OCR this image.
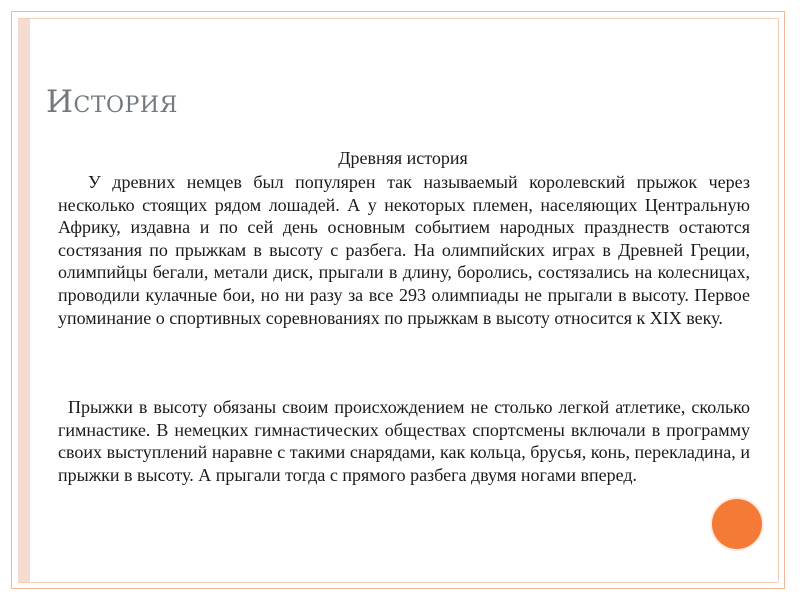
История
Древняя история

У древних немцев был популярен так называемый королевский прыжок через несколько стоящих рядом лошадей. А у некоторых племен, населяющих Центральную Африку, издавна и по сей день основным событием народных празднеств остаются состязания по прыжкам в высоту с разбега. На олимпийских играх в Древней Греции, олимпийцы бегали, метали диск, прыгали в длину, боролись, состязались на колесницах, проводили кулачные бои, но ни разу за все 293 олимпиады не прыгали в высоту. Первое упоминание о спортивных соревнованиях по прыжкам в высоту относится к XIX веку.

Прыжки в высоту обязаны своим происхождением не столько легкой атлетике, сколько гимнастике. В немецких гимнастических обществах спортсмены включали в программу своих выступлений наравне с такими снарядами, как кольца, брусья, конь, перекладина, и прыжки в высоту. А прыгали тогда с прямого разбега двумя ногами вперед.
